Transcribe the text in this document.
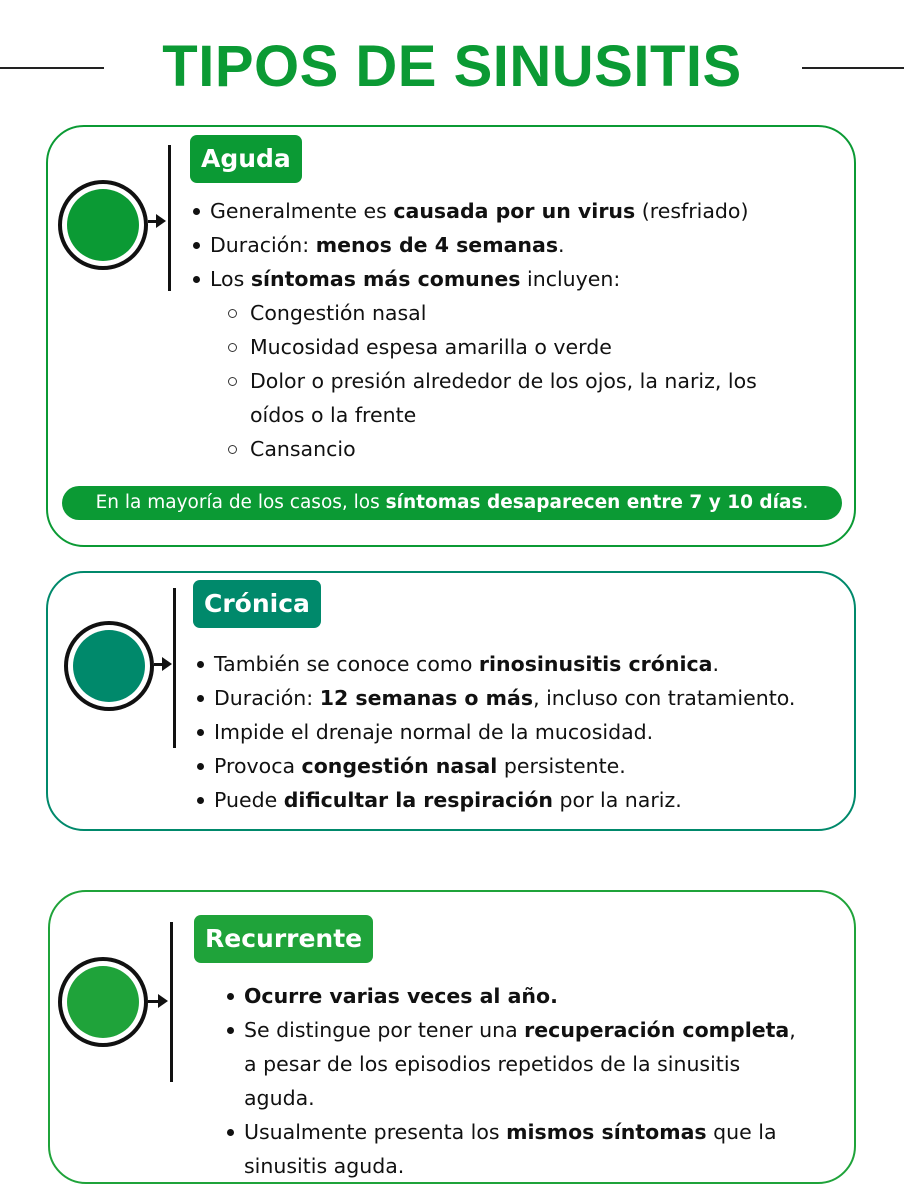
TIPOS DE SINUSITIS
Aguda
Generalmente es causada por un virus (resfriado)
Duración: menos de 4 semanas.
Los síntomas más comunes incluyen:
Congestión nasal
Mucosidad espesa amarilla o verde
Dolor o presión alrededor de los ojos, la nariz, los oídos o la frente
Cansancio
En la mayoría de los casos, los síntomas desaparecen entre 7 y 10 días.
Crónica
También se conoce como rinosinusitis crónica.
Duración: 12 semanas o más, incluso con tratamiento.
Impide el drenaje normal de la mucosidad.
Provoca congestión nasal persistente.
Puede dificultar la respiración por la nariz.
Recurrente
Ocurre varias veces al año.
Se distingue por tener una recuperación completa, a pesar de los episodios repetidos de la sinusitis aguda.
Usualmente presenta los mismos síntomas que la sinusitis aguda.
